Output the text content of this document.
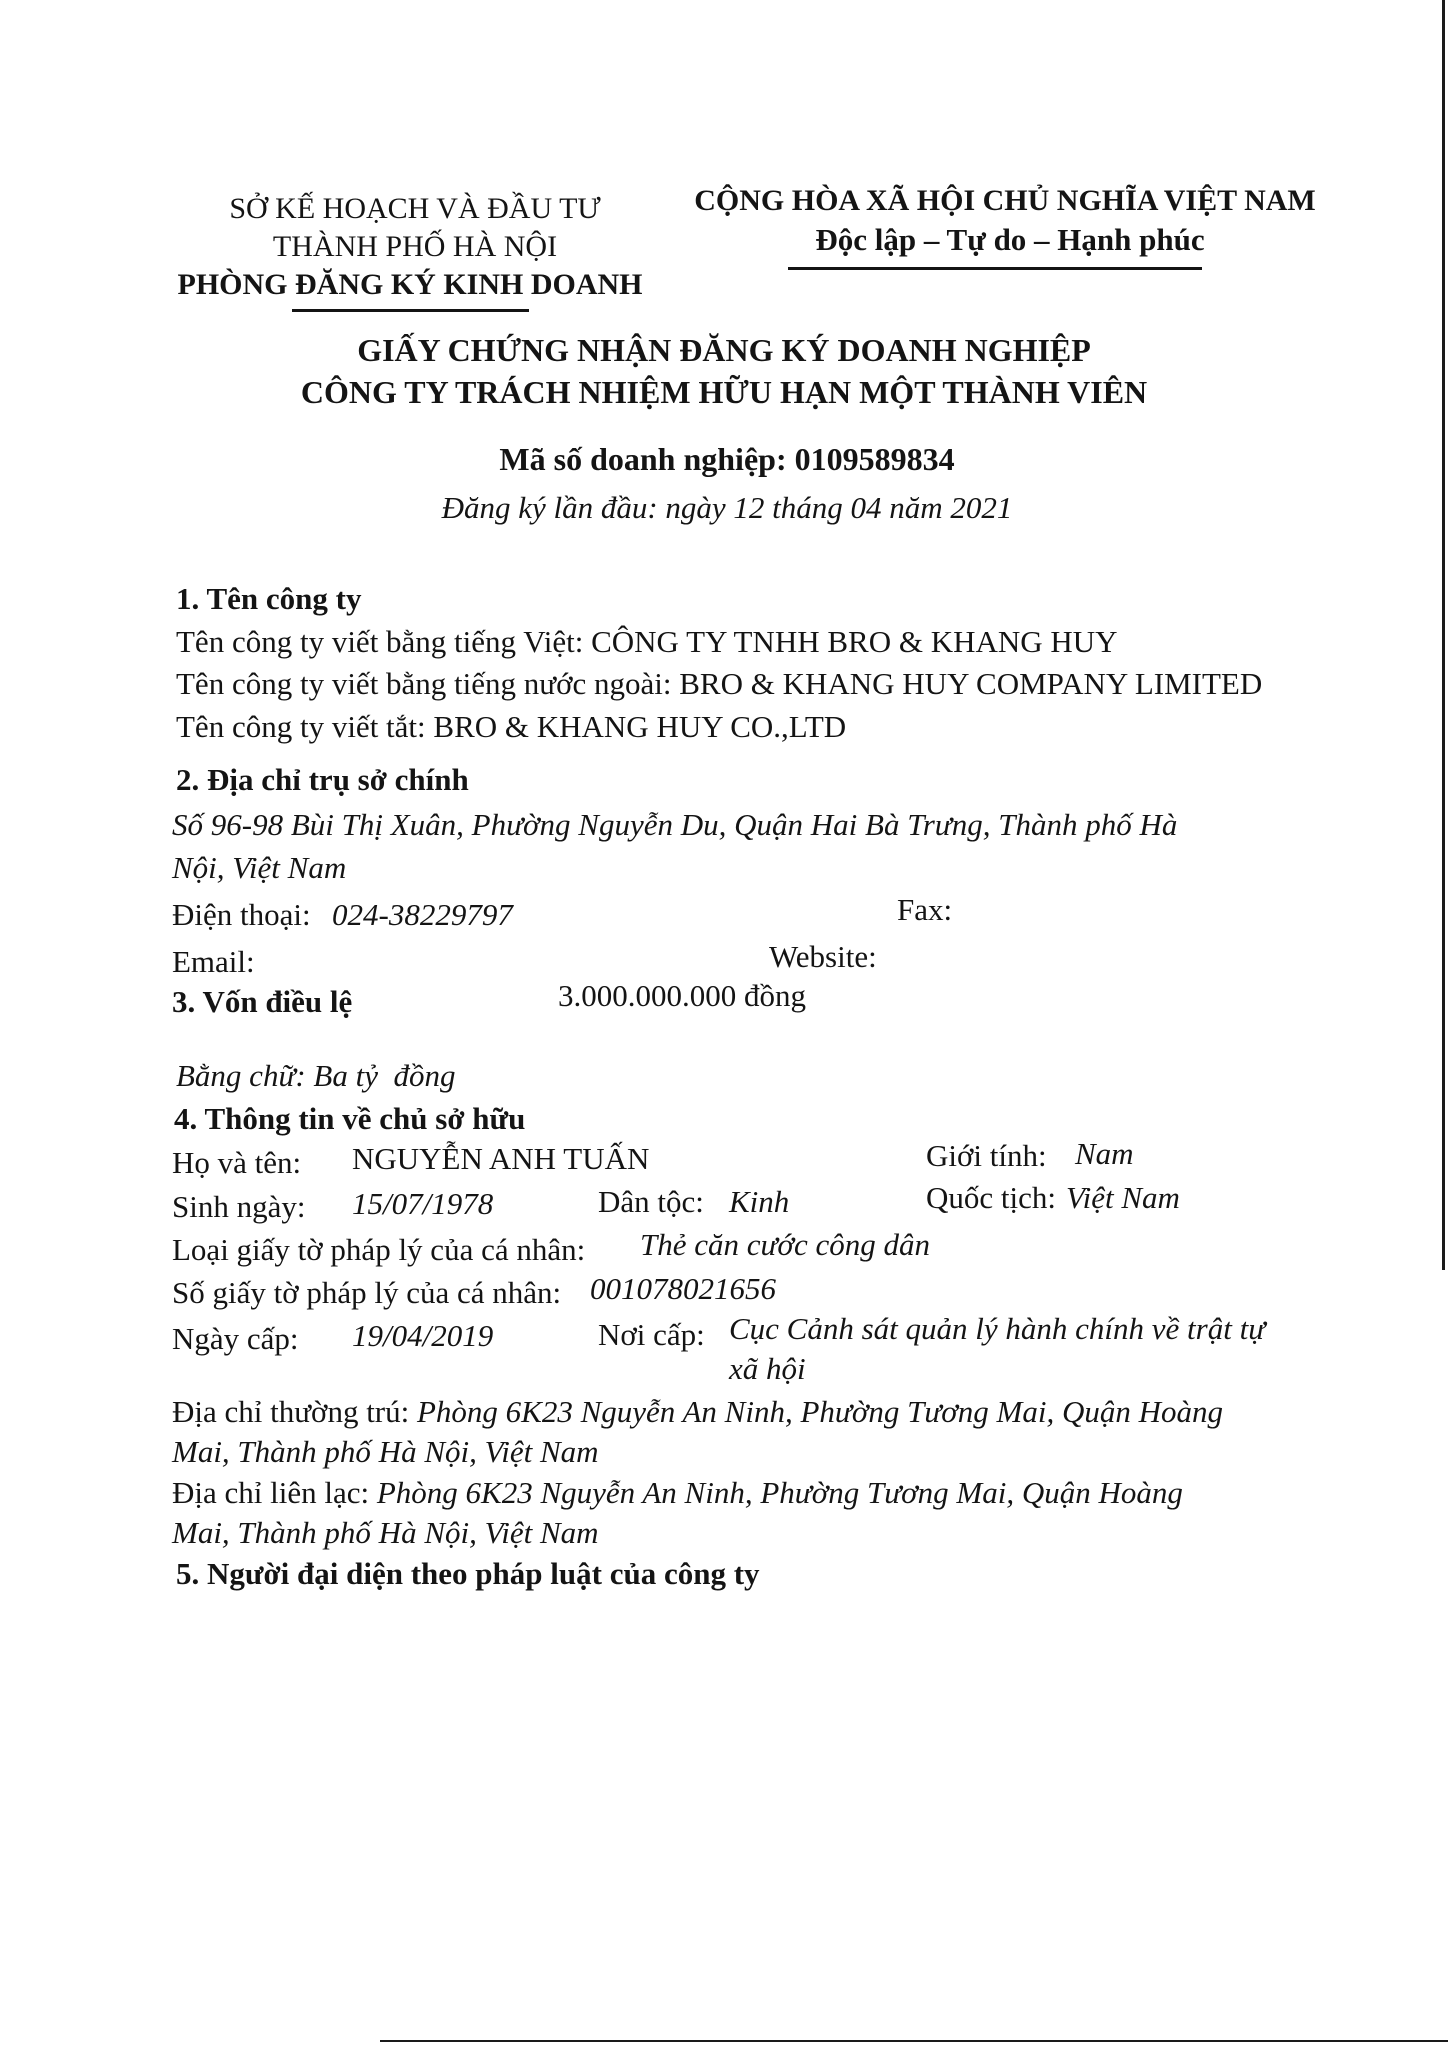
SỞ KẾ HOẠCH VÀ ĐẦU TƯ
THÀNH PHỐ HÀ NỘI
PHÒNG ĐĂNG KÝ KINH DOANH
CỘNG HÒA XÃ HỘI CHỦ NGHĨA VIỆT NAM
Độc lập – Tự do – Hạnh phúc
GIẤY CHỨNG NHẬN ĐĂNG KÝ DOANH NGHIỆP
CÔNG TY TRÁCH NHIỆM HỮU HẠN MỘT THÀNH VIÊN
Mã số doanh nghiệp: 0109589834
Đăng ký lần đầu: ngày 12 tháng 04 năm 2021
1. Tên công ty
Tên công ty viết bằng tiếng Việt: CÔNG TY TNHH BRO & KHANG HUY
Tên công ty viết bằng tiếng nước ngoài: BRO & KHANG HUY COMPANY LIMITED
Tên công ty viết tắt: BRO & KHANG HUY CO.,LTD
2. Địa chỉ trụ sở chính
Số 96-98 Bùi Thị Xuân, Phường Nguyễn Du, Quận Hai Bà Trưng, Thành phố Hà
Nội, Việt Nam
Điện thoại: 024-38229797	Fax:
Email:	Website:
3. Vốn điều lệ	3.000.000.000 đồng
Bằng chữ: Ba tỷ  đồng
4. Thông tin về chủ sở hữu
Họ và tên: NGUYỄN ANH TUẤN	Giới tính: Nam
Sinh ngày: 15/07/1978	Dân tộc: Kinh	Quốc tịch: Việt Nam
Loại giấy tờ pháp lý của cá nhân: Thẻ căn cước công dân
Số giấy tờ pháp lý của cá nhân: 001078021656
Ngày cấp: 19/04/2019	Nơi cấp: Cục Cảnh sát quản lý hành chính về trật tự
xã hội
Địa chỉ thường trú: Phòng 6K23 Nguyễn An Ninh, Phường Tương Mai, Quận Hoàng
Mai, Thành phố Hà Nội, Việt Nam
Địa chỉ liên lạc: Phòng 6K23 Nguyễn An Ninh, Phường Tương Mai, Quận Hoàng
Mai, Thành phố Hà Nội, Việt Nam
5. Người đại diện theo pháp luật của công ty
